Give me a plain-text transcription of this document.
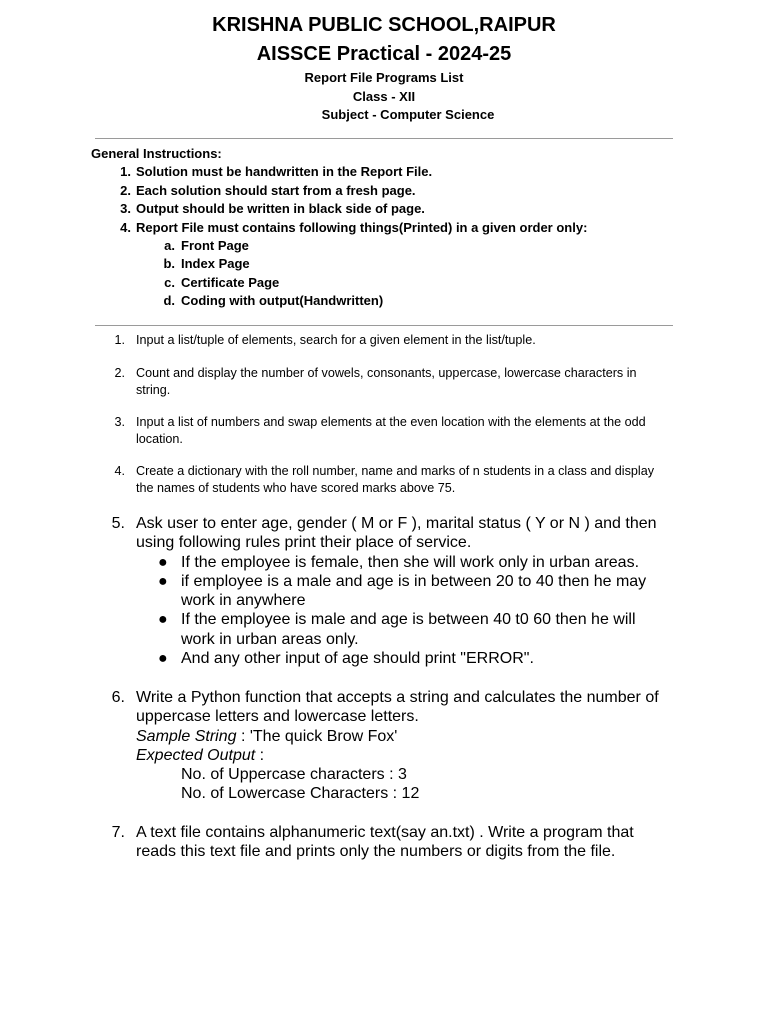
KRISHNA PUBLIC SCHOOL,RAIPUR
AISSCE Practical - 2024-25
Report File Programs List
Class - XII
Subject - Computer Science
General Instructions:
1. Solution must be handwritten in the Report File.
2. Each solution should start from a fresh page.
3. Output should be written in black side of page.
4. Report File must contains following things(Printed) in a given order only:
a. Front Page
b. Index Page
c. Certificate Page
d. Coding with output(Handwritten)
1. Input a list/tuple of elements, search for a given element in the list/tuple.
2. Count and display the number of vowels, consonants, uppercase, lowercase characters in string.
3. Input a list of numbers and swap elements at the even location with the elements at the odd location.
4. Create a dictionary with the roll number, name and marks of n students in a class and display the names of students who have scored marks above 75.
5. Ask user to enter age, gender ( M or F ), marital status ( Y or N ) and then using following rules print their place of service.
● If the employee is female, then she will work only in urban areas.
● if employee is a male and age is in between 20 to 40 then he may work in anywhere
● If the employee is male and age is between 40 t0 60 then he will work in urban areas only.
● And any other input of age should print "ERROR".
6. Write a Python function that accepts a string and calculates the number of uppercase letters and lowercase letters.
Sample String : 'The quick Brow Fox'
Expected Output :
No. of Uppercase characters : 3
No. of Lowercase Characters : 12
7. A text file contains alphanumeric text(say an.txt) . Write a program that reads this text file and prints only the numbers or digits from the file.
